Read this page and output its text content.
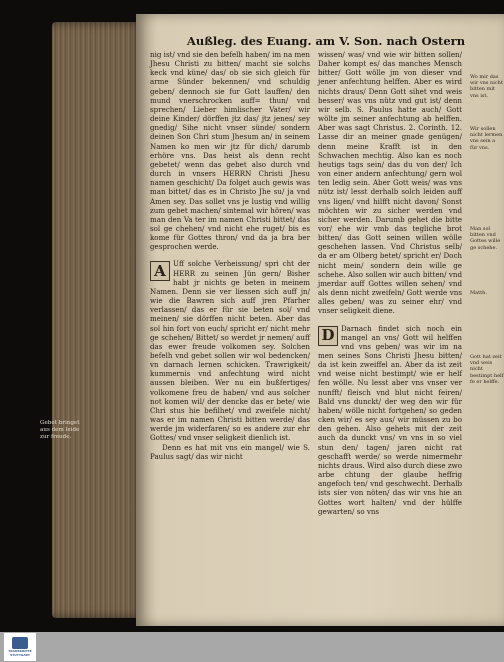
Außleg. des Euang. am V. Son. nach Ostern

nig ist/ vnd sie den befelh haben/ im na men Jhesu Christi zu bitten/ macht sie solchs keck vnd küne/ das/ ob sie sich gleich für arme Sünder bekennen/ vnd schuldig geben/ dennoch sie fur Gott lauffen/ den mund vnerschrocken auff= thun/ vnd sprechen/ Lieber himlischer Vater/ wir deine Kinder/ dörffen jtz das/ jtz jenes/ sey gnedig/ Sihe nicht vnser sünde/ sondern deinen Son Chri stum Jhesum an/ in seinem Namen ko men wir jtz für dich/ darumb erhöre vns. Das heist als denn recht gebetet/ wenn das gebet also durch vnd durch in vnsers HERRN Christi Jhesu namen geschicht/ Da folget auch gewis was man bittet/ das es in Christo Jhe su/ ja vnd Amen sey. Das sollet vns je lustig vnd willig zum gebet machen/ sintemal wir hören/ was man den Va ter im namen Christi bittet/ das sol ge chehen/ vnd nicht ehe ruget/ bis es kome für Gottes thron/ vnd da ja bra ber gesprochen werde.

A	Uff solche Verheissung/ spri cht der HERR zu seinen Jün gern/ Bisher habt jr nichts ge beten in meinem Namen. Denn sie ver liessen sich auff jn/ wie die Bawren sich auff jren Pfarher verlassen/ das er für sie beten sol/ vnd meinen/ sie dörffen nicht beten. Aber das sol hin fort von euch/ spricht er/ nicht mehr ge schehen/ Bittet/ so werdet jr nemen/ auff das ewer freude volkomen sey. Solchen befelh vnd gebet sollen wir wol bedencken/ vn darnach lernen schicken. Trawrigkeit/ kummernis vnd anfechtung wird nicht aussen bleiben. Wer nu ein bußfertiges/ volkomene freu de haben/ vnd aus solcher not komen wil/ der dencke das er bete/ wie Chri stus hie befilhet/ vnd zweifele nicht/ was er im namen Christi bitten werde/ das werde jm widerfaren/ so es andere zur ehr Gottes/ vnd vnser seligkeit dienlich ist.

Denn es hat mit vns ein mangel/ wie S. Paulus sagt/ das wir nicht

wissen/ was/ vnd wie wir bitten sollen/ Daher kompt es/ das manches Mensch bitter/ Gott wölle jm von dieser vnd jener anfechtung helffen. Aber es wird nichts draus/ Denn Gott sihet vnd weis besser/ was vns nütz vnd gut ist/ denn wir selb. S. Paulus hatte auch/ Gott wölte jm seiner anfechtung ab helffen. Aber was sagt Christus. 2. Corinth. 12. Lasse dir an meiner gnade genügen/ denn meine Krafft ist in den Schwachen mechtig. Also kan es noch heutigs tags sein/ das du von der/ Ich von einer andern anfechtung/ gern wol ten ledig sein. Aber Gott weis/ was vns nütz ist/ lesst derhalb solch leiden auff vns ligen/ vnd hilfft nicht davon/ Sonst möchten wir zu sicher werden vnd sicher werden. Darumb gehet die bitte vor/ ehe wir vmb das tegliche brot bitten/ das Gott seinen willen wölle geschehen lassen. Vnd Christus selb/ da er am Olberg betet/ spricht er/ Doch nicht mein/ sondern dein wille ge schehe. Also sollen wir auch bitten/ vnd jmerdar auff Gottes willen sehen/ vnd als denn nicht zweifeln/ Gott werde vns alles geben/ was zu seiner ehr/ vnd vnser seligkeit diene.

D Darnach findet sich noch ein mangel an vns/ Gott wil helffen vnd vns geben/ was wir im na men seines Sons Christi Jhesu bitten/ da ist kein zweiffel an. Aber da ist zeit vnd weise nicht bestimpt/ wie er helf fen wölle. Nu lesst aber vns vnser ver nunfft/ fleisch vnd blut nicht feiren/ Bald vns dunckt/ der weg den wir für haben/ wölle nicht fortgehen/ so geden cken wir/ es sey aus/ wir müssen zu bo den gehen. Also gehets mit der zeit auch da dunckt vns/ vn vns in so viel stun den/ tagen/ jaren nicht rat geschafft werde/ so werde nimermehr nichts draus. Wird also durch diese zwo arbe chtung der glaube heffrig angefoch ten/ vnd geschwecht. Derhalb ists sier von nöten/ das wir vns hie an Gottes wort halten/ vnd der hülffe gewarten/ so vns

Wo mir das wir vns nicht bitten mit vns ist.
Wir sollen nicht lermen vns sein a für vns.
Man sol bitten vnd Gottes wille ge schehe.
Matth.
Gott hat zeit vnd weis nicht bestimpt helf fe er helffe.
Gebet bringet aus dem leide zur freude.
TRANSKRIPTE
STUTTGART
